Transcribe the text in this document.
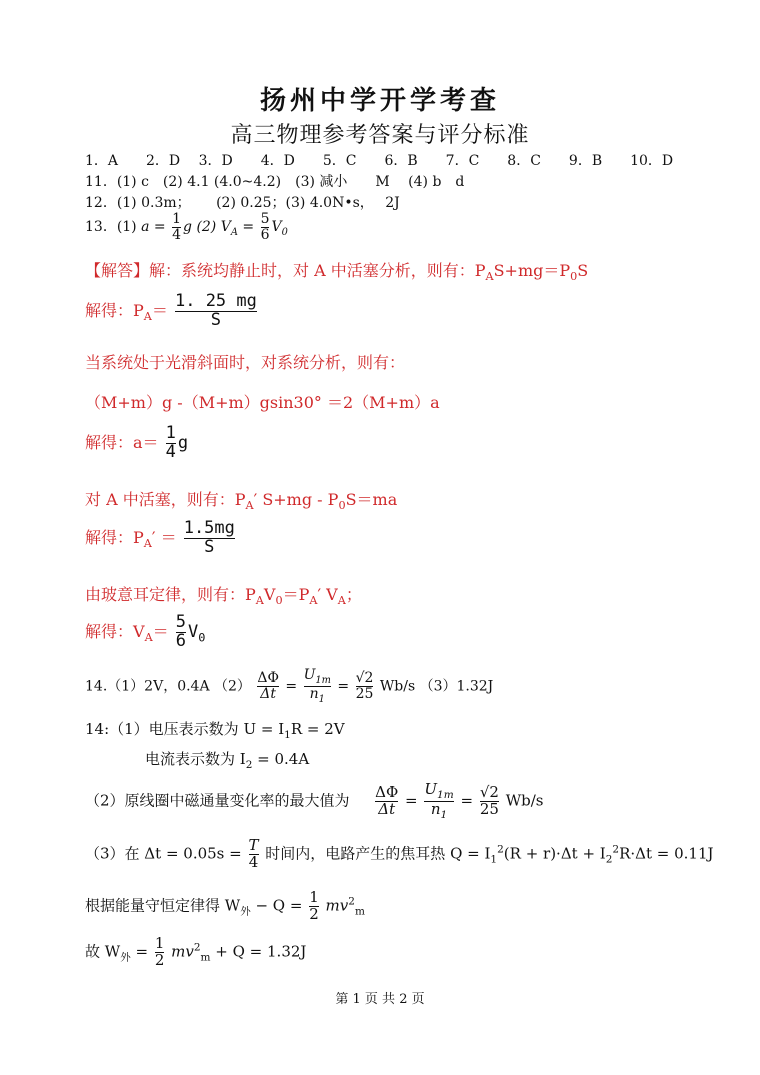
扬州中学开学考查
高三物理参考答案与评分标准
1．A　　2．D　 3．D　　4．D　　5．C　　6．B　　7．C　　8．C　　9．B　　10．D
11．(1) c　(2) 4.1 (4.0~4.2)　(3) 减小　　M　 (4) b　d
12．(1) 0.3m；　　 (2) 0.25；(3) 4.0N•s，　 2J
13．(1) $a = \frac{1}{4}$ g (2) $V_A = \frac{5}{6} V_0$
【解答】解：系统均静止时，对 A 中活塞分析，则有：$P_AS+mg=P_0S$
解得：$P_A= \frac{1. 25 mg}{S}$
当系统处于光滑斜面时，对系统分析，则有：
（M+m）g -（M+m）gsin30° ＝2（M+m）a
解得：$a= \frac{1}{4}$ g
对 A 中活塞，则有：$P_A'$ $S+mg - P_0S=ma$
解得：$P_A' = \frac{1.5mg}{S}$
由玻意耳定律，则有：$P_AV_0=P_A'$ $V_A$；
解得：$V_A= \frac{5}{6} V_0$
14.（1）2V，0.4A $(2) \frac{\Delta\Phi}{\Delta t} = \frac{U_{1m}}{n_1} = \frac{√2}{25} Wb/s$ （3）1.32J
14:（1）电压表示数为 $U = I_1R = 2V$
电流表示数为 $I_2 = 0.4A$
（2）原线圈中磁通量变化率的最大值为 $\frac{\Delta\Phi}{\Delta t} = \frac{U_{1m}}{n_1} = \frac{√2}{25} Wb/s$
（3）在 $\Delta t = 0.05s = \frac{T}{4}$ 时间内，电路产生的焦耳热 $Q = I_1^2(R + r)\cdot\Delta t + I_2^2R\cdot\Delta t = 0.11J$
根据能量守恒定律得 $W_外 - Q = \frac{1}{2} mv^2_m$
故 $W_外 = \frac{1}{2} mv^2_m + Q = 1.32J$
第 1 页 共 2 页
